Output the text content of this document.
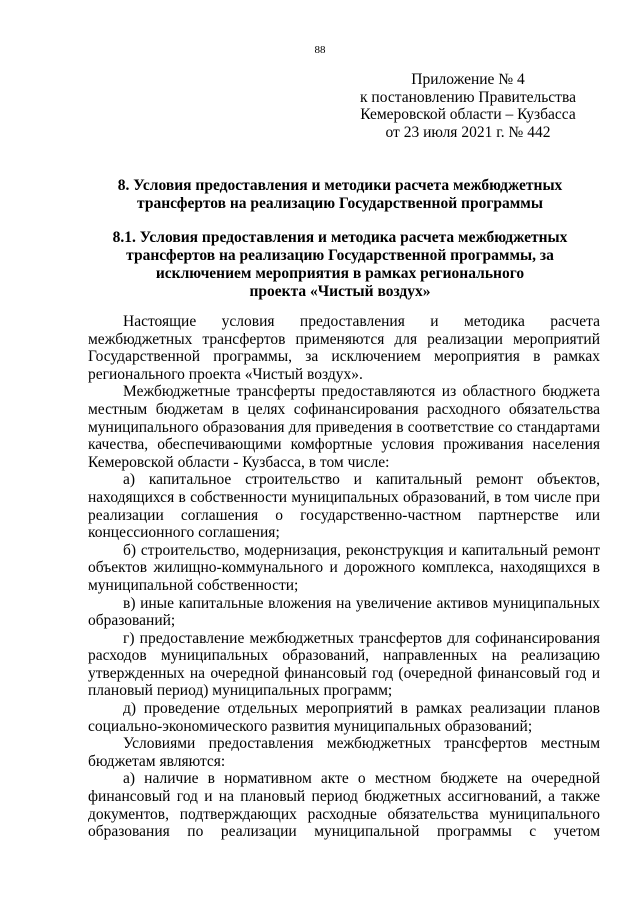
88
Приложение № 4
к постановлению Правительства
Кемеровской области – Кузбасса
от 23 июля 2021 г. № 442
8. Условия предоставления и методики расчета межбюджетных
трансфертов на реализацию Государственной программы
8.1. Условия предоставления и методика расчета межбюджетных
трансфертов на реализацию Государственной программы, за
исключением мероприятия в рамках регионального
проекта «Чистый воздух»

Настоящие условия предоставления и методика расчета межбюджетных трансфертов применяются для реализации мероприятий Государственной программы, за исключением мероприятия в рамках регионального проекта «Чистый воздух».

Межбюджетные трансферты предоставляются из областного бюджета местным бюджетам в целях софинансирования расходного обязательства муниципального образования для приведения в соответствие со стандартами качества, обеспечивающими комфортные условия проживания населения Кемеровской области - Кузбасса, в том числе:

а) капитальное строительство и капитальный ремонт объектов, находящихся в собственности муниципальных образований, в том числе при реализации соглашения о государственно-частном партнерстве или концессионного соглашения;

б) строительство, модернизация, реконструкция и капитальный ремонт объектов жилищно-коммунального и дорожного комплекса, находящихся в муниципальной собственности;

в) иные капитальные вложения на увеличение активов муниципальных образований;

г) предоставление межбюджетных трансфертов для софинансирования расходов муниципальных образований, направленных на реализацию утвержденных на очередной финансовый год (очередной финансовый год и плановый период) муниципальных программ;

д) проведение отдельных мероприятий в рамках реализации планов социально-экономического развития муниципальных образований;

Условиями предоставления межбюджетных трансфертов местным бюджетам являются:

а) наличие в нормативном акте о местном бюджете на очередной финансовый год и на плановый период бюджетных ассигнований, а также документов, подтверждающих расходные обязательства муниципального образования по реализации муниципальной программы с учетом
